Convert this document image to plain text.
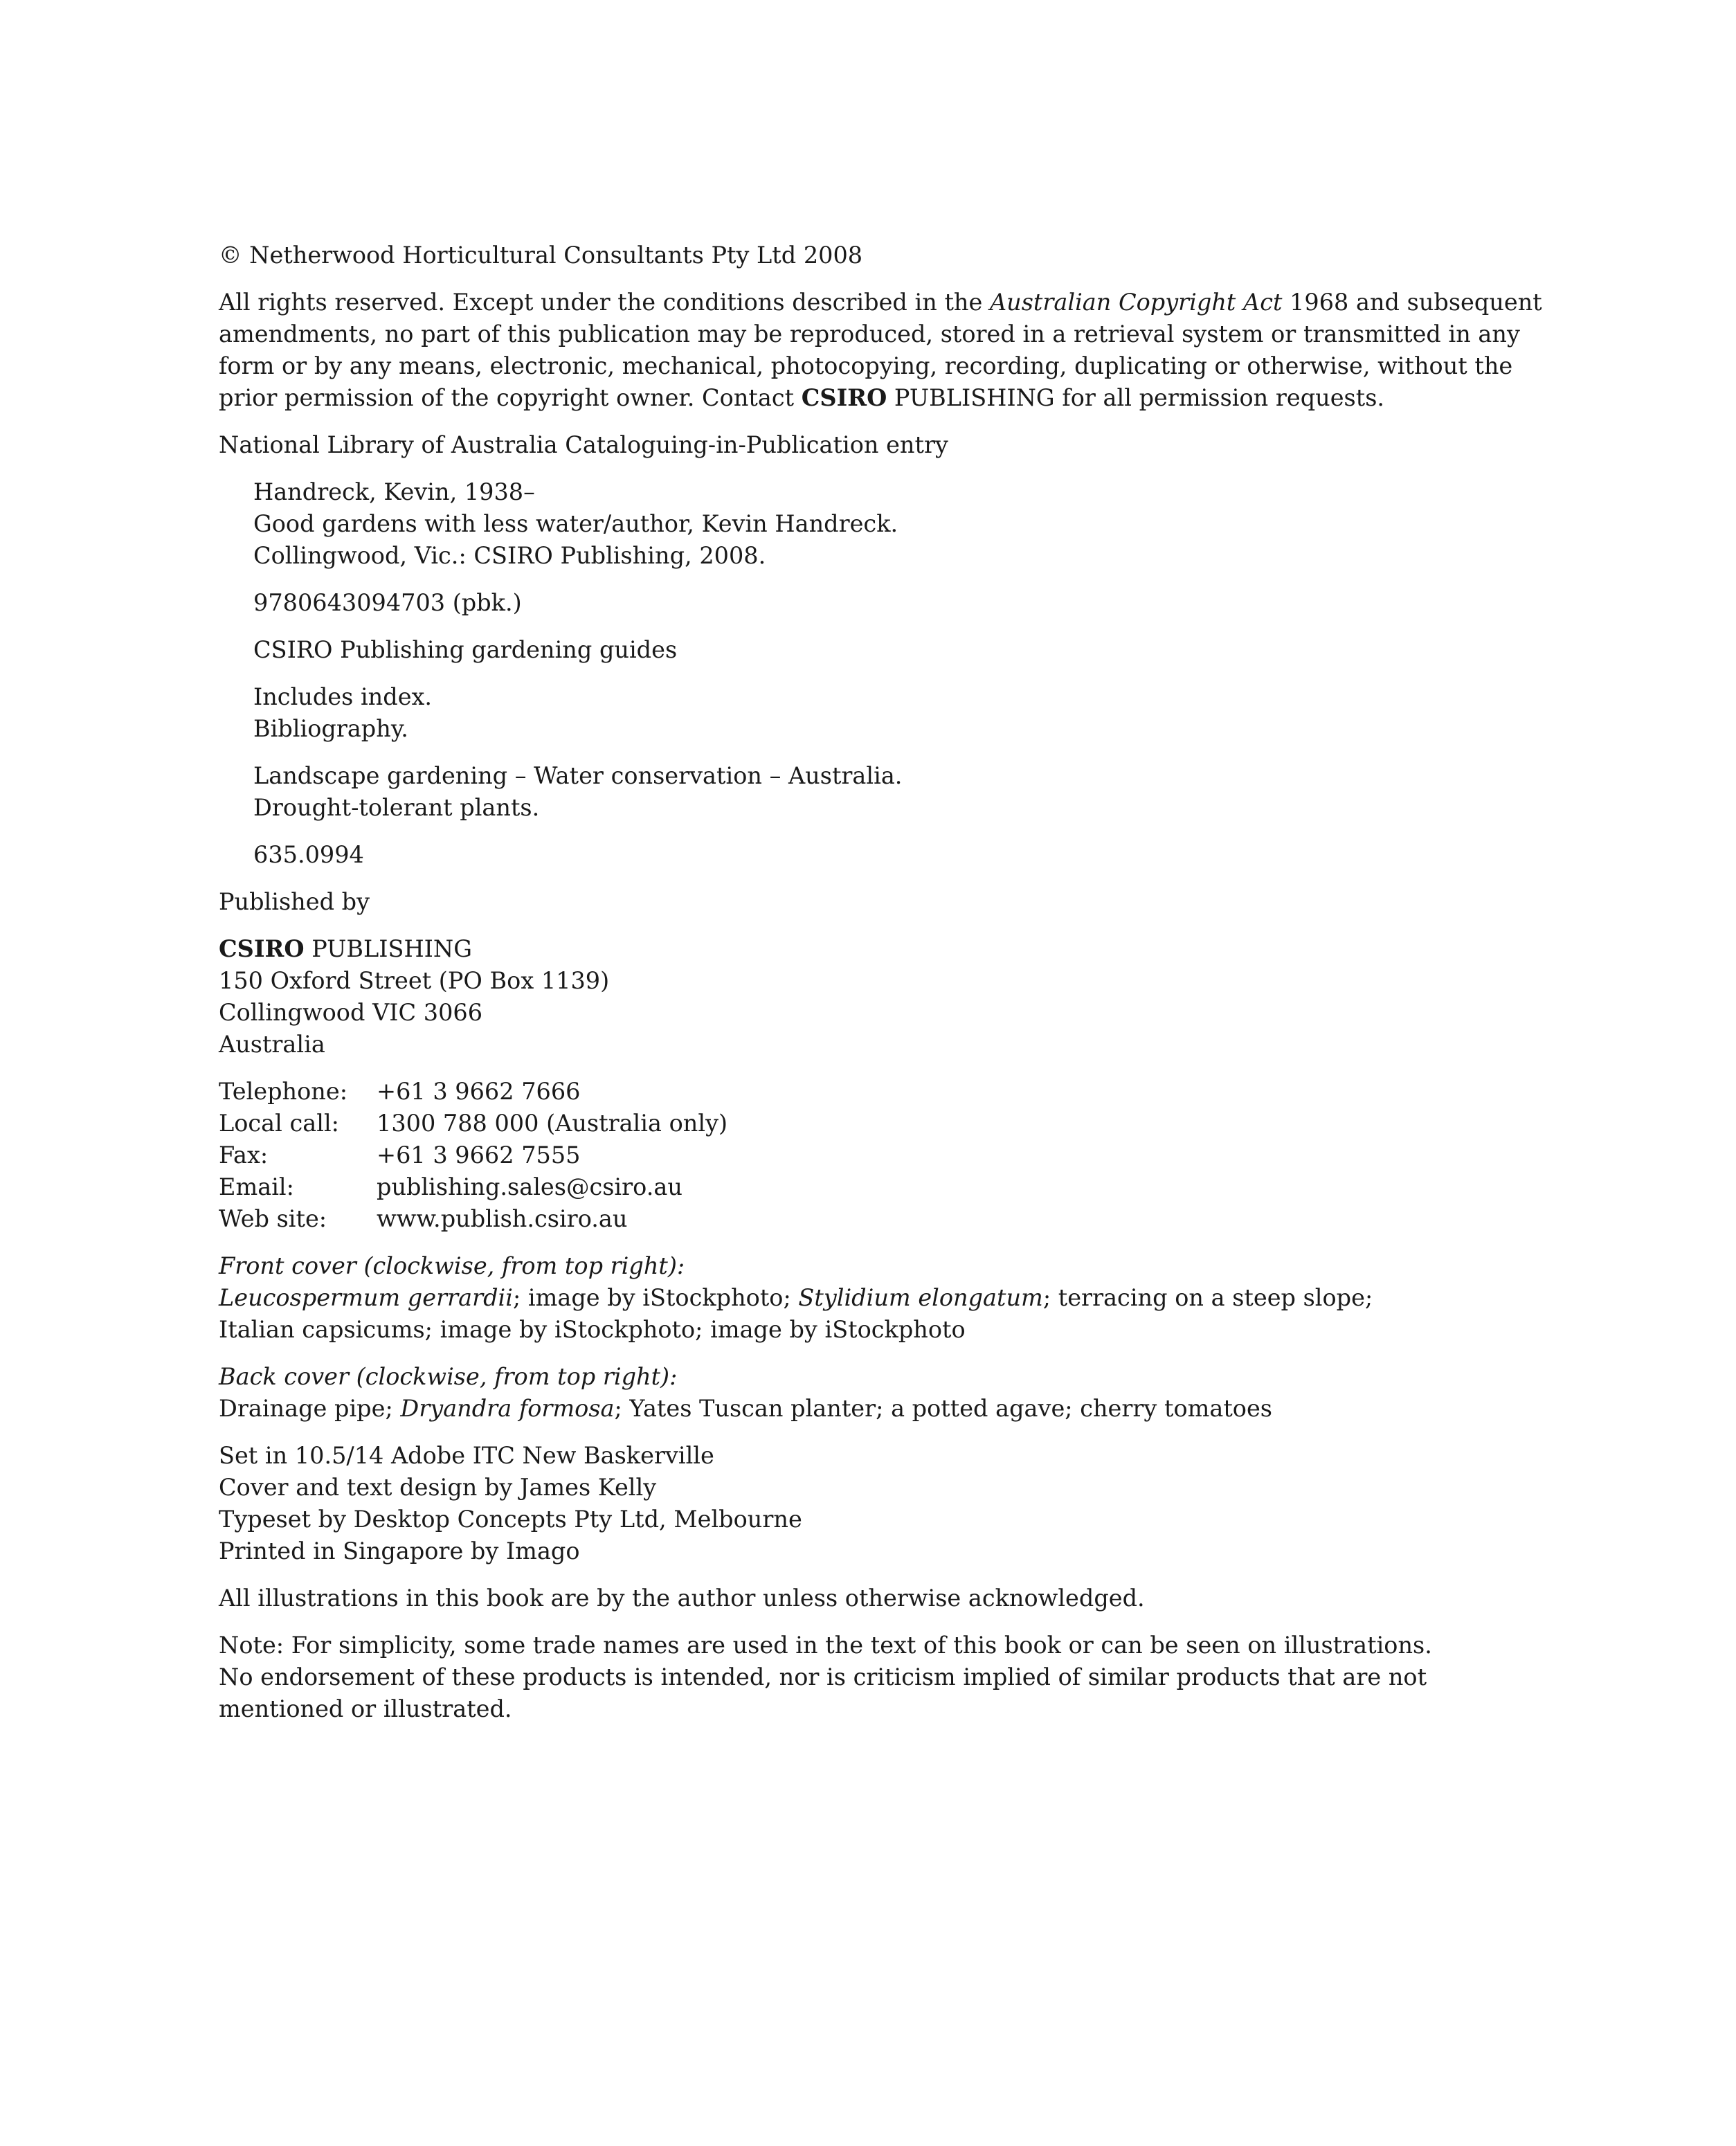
© Netherwood Horticultural Consultants Pty Ltd 2008

All rights reserved. Except under the conditions described in the Australian Copyright Act 1968 and subsequent
amendments, no part of this publication may be reproduced, stored in a retrieval system or transmitted in any
form or by any means, electronic, mechanical, photocopying, recording, duplicating or otherwise, without the
prior permission of the copyright owner. Contact CSIRO PUBLISHING for all permission requests.

National Library of Australia Cataloguing-in-Publication entry

Handreck, Kevin, 1938–
Good gardens with less water/author, Kevin Handreck.
Collingwood, Vic.: CSIRO Publishing, 2008.

9780643094703 (pbk.)

CSIRO Publishing gardening guides

Includes index.
Bibliography.

Landscape gardening – Water conservation – Australia.
Drought-tolerant plants.

635.0994

Published by

CSIRO PUBLISHING
150 Oxford Street (PO Box 1139)
Collingwood VIC 3066
Australia

Telephone:	+61 3 9662 7666
Local call:	1300 788 000 (Australia only)
Fax:	+61 3 9662 7555
Email:	publishing.sales@csiro.au
Web site:	www.publish.csiro.au

Front cover (clockwise, from top right):
Leucospermum gerrardii; image by iStockphoto; Stylidium elongatum; terracing on a steep slope;
Italian capsicums; image by iStockphoto; image by iStockphoto

Back cover (clockwise, from top right):
Drainage pipe; Dryandra formosa; Yates Tuscan planter; a potted agave; cherry tomatoes

Set in 10.5/14 Adobe ITC New Baskerville
Cover and text design by James Kelly
Typeset by Desktop Concepts Pty Ltd, Melbourne
Printed in Singapore by Imago

All illustrations in this book are by the author unless otherwise acknowledged.

Note: For simplicity, some trade names are used in the text of this book or can be seen on illustrations.
No endorsement of these products is intended, nor is criticism implied of similar products that are not
mentioned or illustrated.
